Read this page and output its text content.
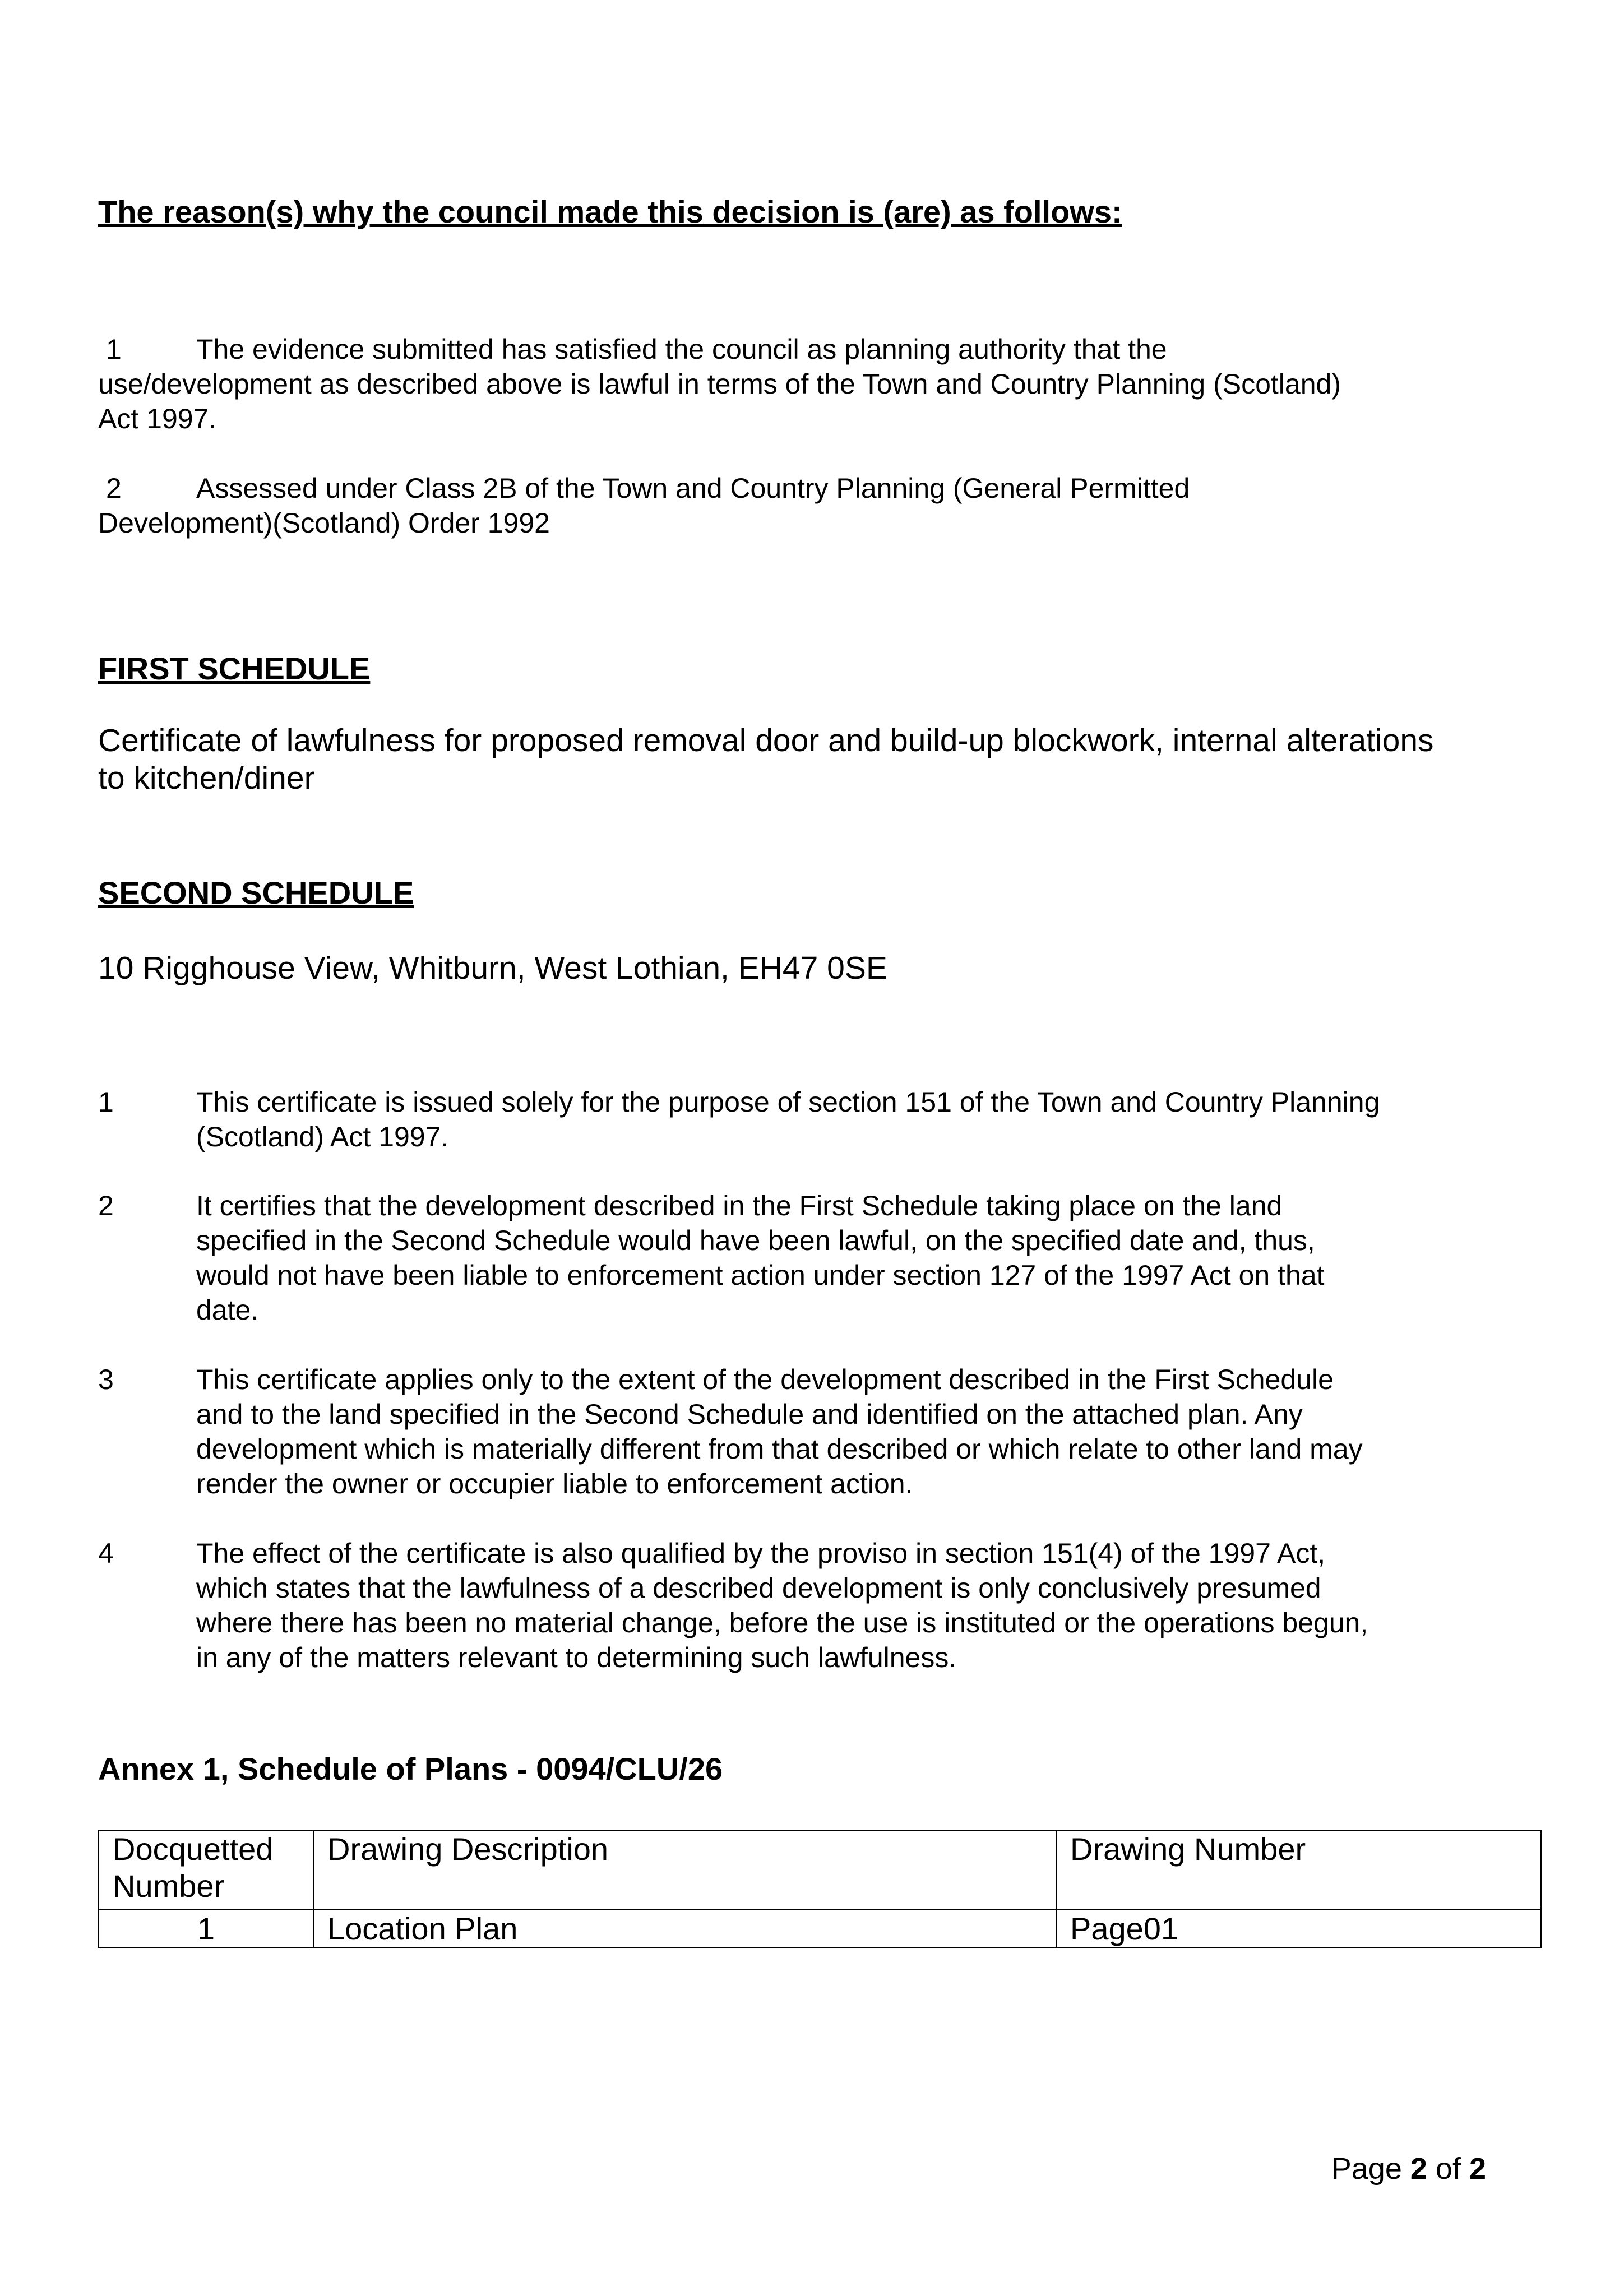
The reason(s) why the council made this decision is (are) as follows:
1	The evidence submitted has satisfied the council as planning authority that the
use/development as described above is lawful in terms of the Town and Country Planning (Scotland)
Act 1997.
2	Assessed under Class 2B of the Town and Country Planning (General Permitted
Development)(Scotland) Order 1992
FIRST SCHEDULE
Certificate of lawfulness for proposed removal door and build-up blockwork, internal alterations
to kitchen/diner
SECOND SCHEDULE
10 Rigghouse View, Whitburn, West Lothian, EH47 0SE
1	This certificate is issued solely for the purpose of section 151 of the Town and Country Planning
(Scotland) Act 1997.
2	It certifies that the development described in the First Schedule taking place on the land
specified in the Second Schedule would have been lawful, on the specified date and, thus,
would not have been liable to enforcement action under section 127 of the 1997 Act on that
date.
3	This certificate applies only to the extent of the development described in the First Schedule
and to the land specified in the Second Schedule and identified on the attached plan. Any
development which is materially different from that described or which relate to other land may
render the owner or occupier liable to enforcement action.
4	The effect of the certificate is also qualified by the proviso in section 151(4) of the 1997 Act,
which states that the lawfulness of a described development is only conclusively presumed
where there has been no material change, before the use is instituted or the operations begun,
in any of the matters relevant to determining such lawfulness.
Annex 1, Schedule of Plans - 0094/CLU/26
Docquetted Number	Drawing Description	Drawing Number
1	Location Plan	Page01
Page 2 of 2
